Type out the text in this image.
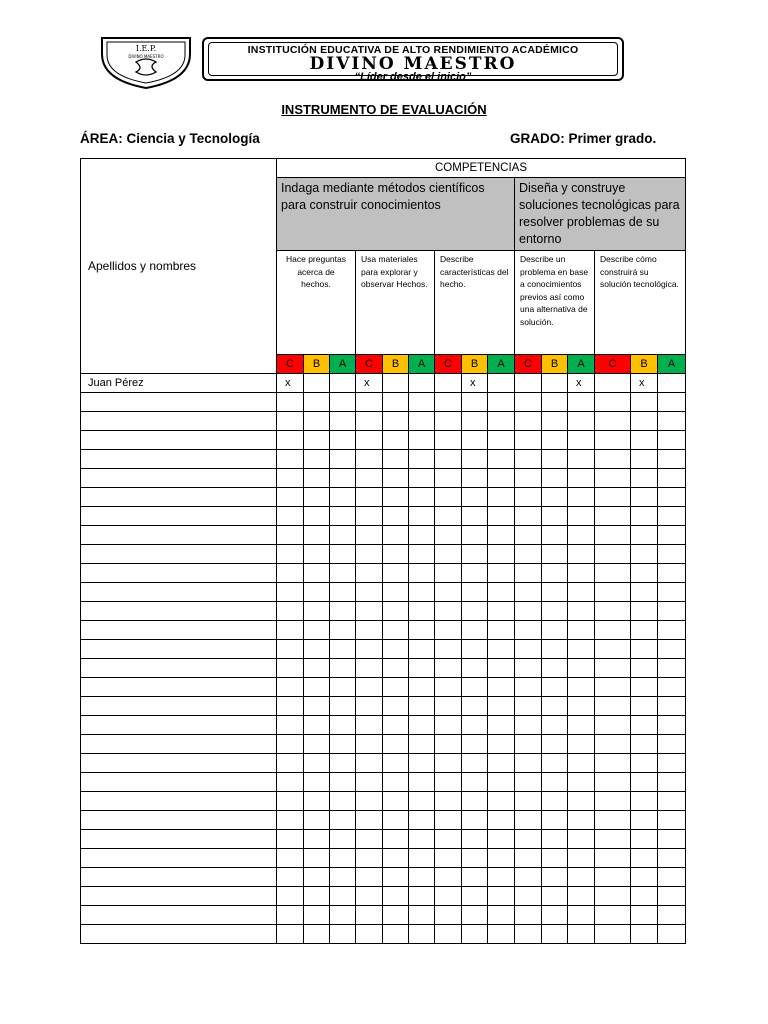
I.E.P.
DIVINO MAESTRO
INSTITUCIÓN EDUCATIVA DE ALTO RENDIMIENTO ACADÉMICO
DIVINO MAESTRO
“Líder desde el inicio”
INSTRUMENTO DE EVALUACIÓN
ÁREA: Ciencia y Tecnología	GRADO: Primer grado.
Apellidos y nombres	COMPETENCIAS														
	Indaga mediante métodos científicos para construir conocimientos									Diseña y construye soluciones tecnológicas para resolver problemas de su entorno					
	Hace preguntas acerca de hechos.			Usa materiales para explorar y observar Hechos.			Describe características del hecho.			Describe un problema en base a conocimientos previos así como una alternativa de solución.			Describe cómo construirá su solución tecnológica.		
	C	B	A	C	B	A	C	B	A	C	B	A	C	B	A
Juan Pérez	x			x				x				x		x	
